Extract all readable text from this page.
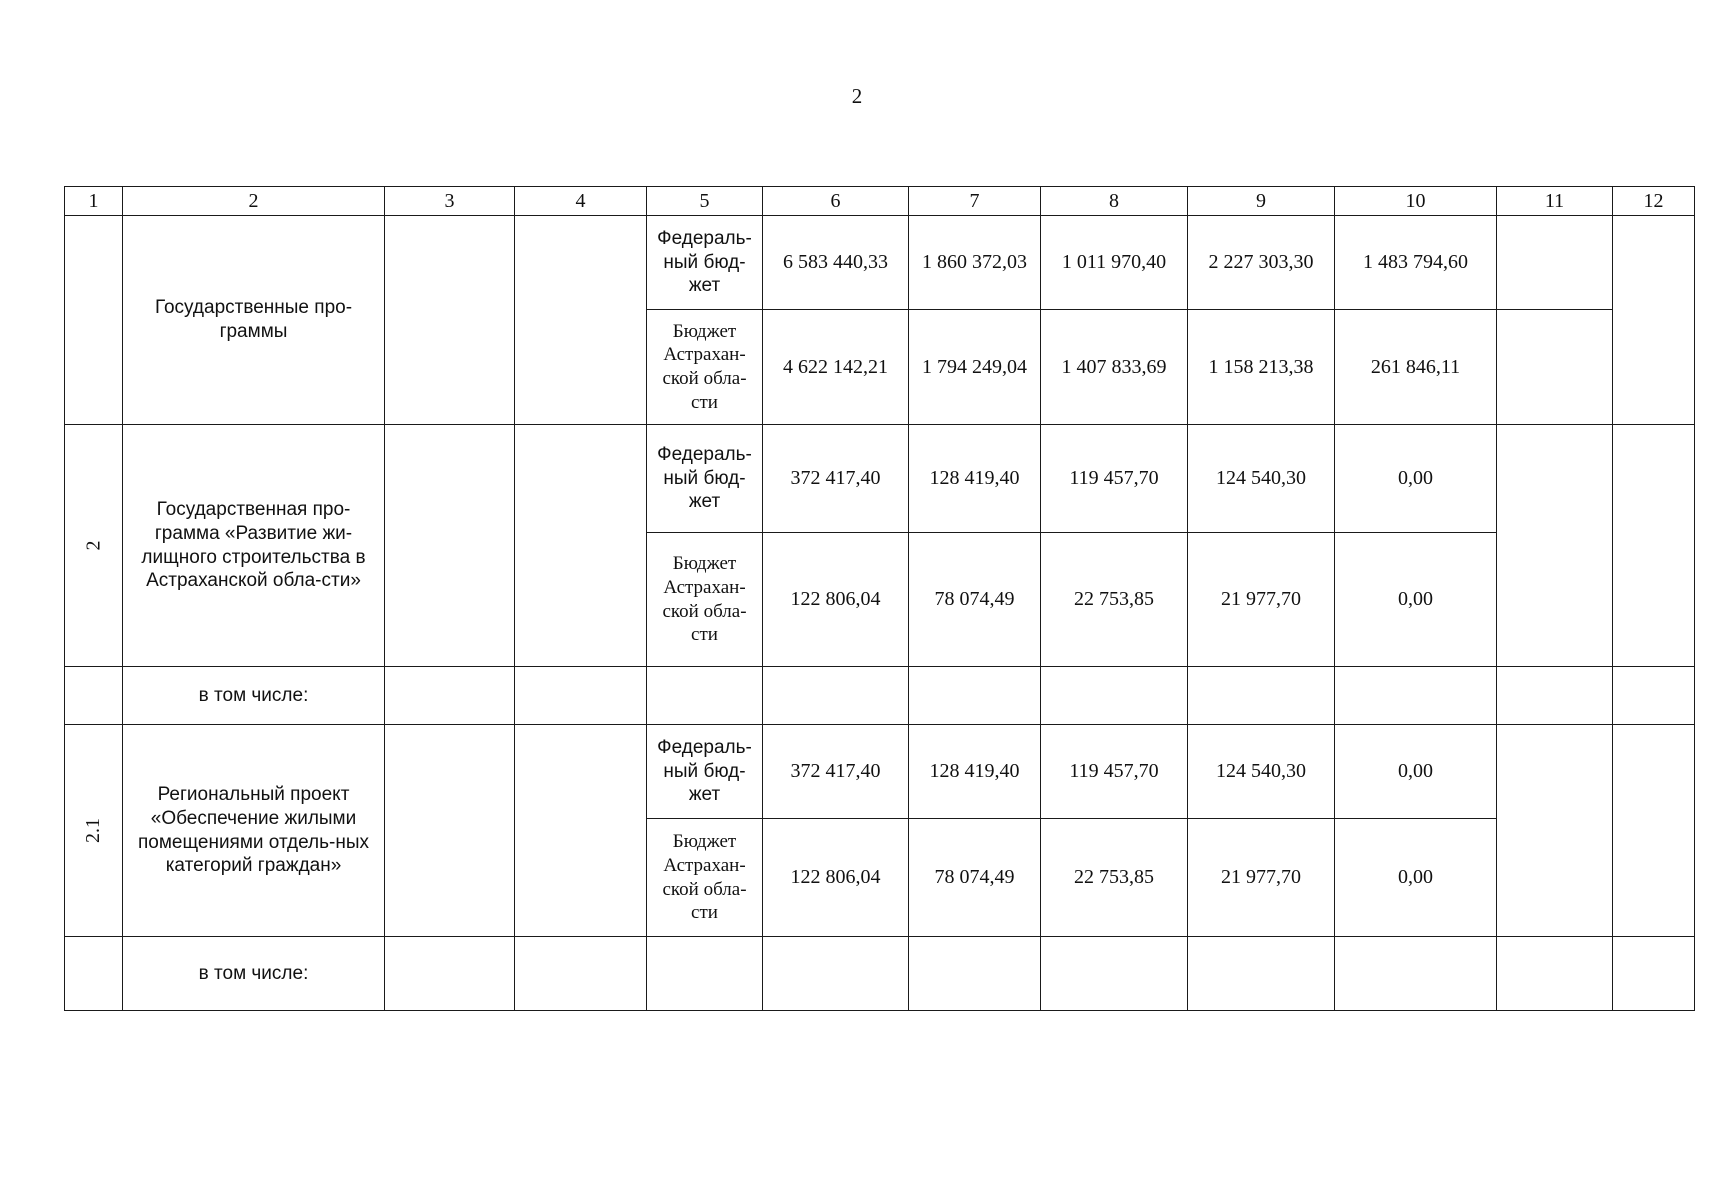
2
1	2	3	4	5	6	7	8	9	10	11	12
	Государственные про-граммы			Федераль-ный бюд-жет	6 583 440,33	1 860 372,03	1 011 970,40	2 227 303,30	1 483 794,60		
				Бюджет Астрахан-ской обла-сти	4 622 142,21	1 794 249,04	1 407 833,69	1 158 213,38	261 846,11		
2	Государственная про-грамма «Развитие жи-лищного строительства в Астраханской обла-сти»			Федераль-ный бюд-жет	372 417,40	128 419,40	119 457,70	124 540,30	0,00		
				Бюджет Астрахан-ской обла-сти	122 806,04	78 074,49	22 753,85	21 977,70	0,00		
	в том числе:										
2.1	Региональный проект «Обеспечение жилыми помещениями отдель-ных категорий граждан»			Федераль-ный бюд-жет	372 417,40	128 419,40	119 457,70	124 540,30	0,00		
				Бюджет Астрахан-ской обла-сти	122 806,04	78 074,49	22 753,85	21 977,70	0,00		
	в том числе:										
